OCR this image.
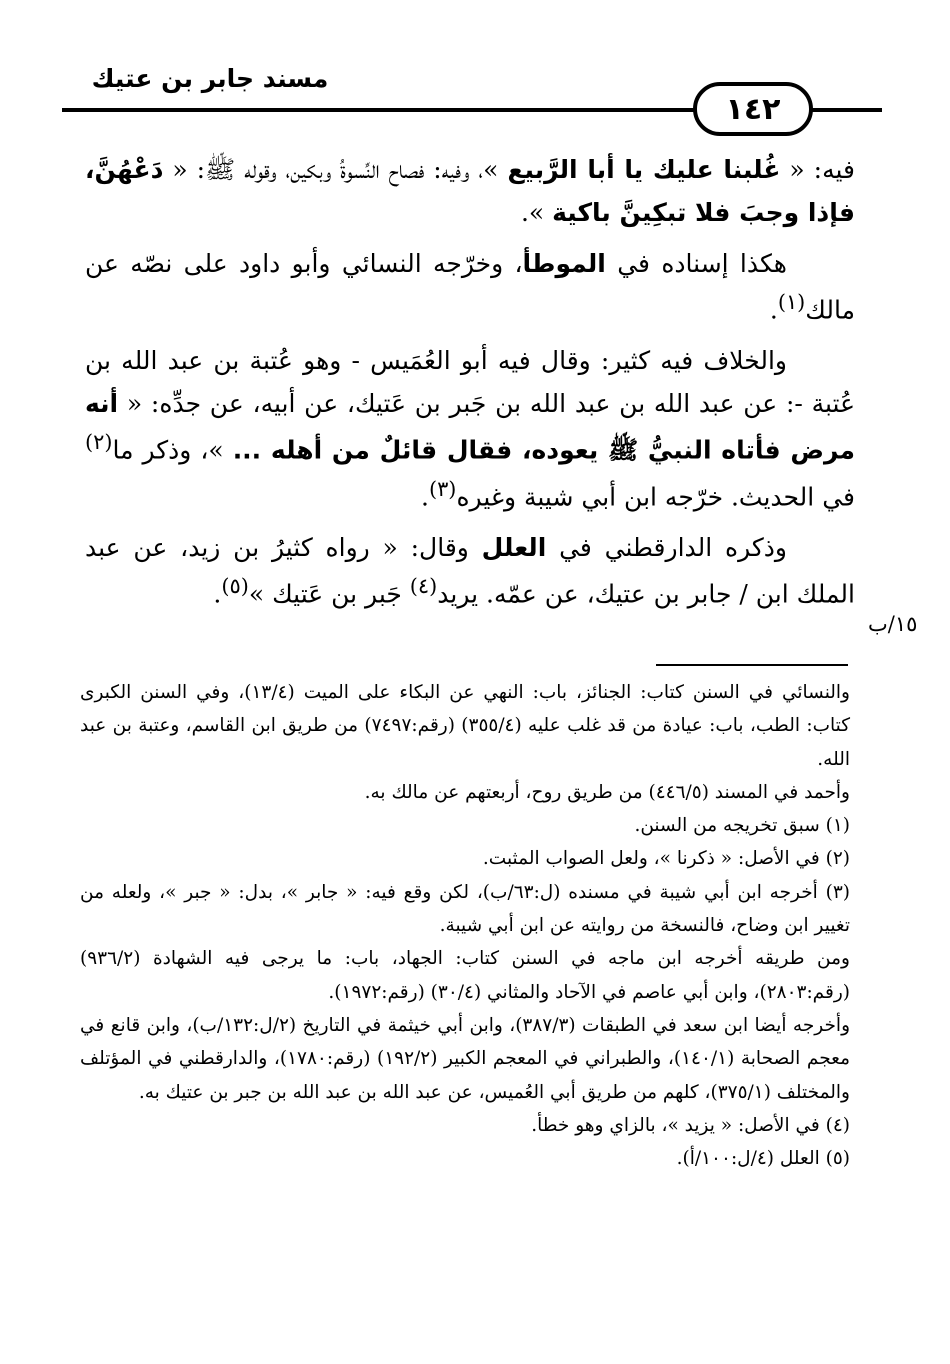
مسند جابر بن عتيك
١٤٢

فيه: « غُلبنا عليك يا أبا الرَّبيع »، وفيه: فصاح النِّسوةُ وبكين، وقوله ﷺ: « دَعْهُنَّ، فإذا وجبَ فلا تبكِينَّ باكية ».

هكذا إسناده في الموطأ، وخرّجه النسائي وأبو داود على نصّه عن مالك$^{(١)}$.

والخلاف فيه كثير: وقال فيه أبو العُمَيس - وهو عُتبة بن عبد الله بن عُتبة -: عن عبد الله بن عبد الله بن جَبر بن عَتيك، عن أبيه، عن جدِّه: « أنه مرض فأتاه النبيُّ ﷺ يعوده، فقال قائلٌ من أهله ... »، وذكر ما$^{(٢)}$ في الحديث. خرّجه ابن أبي شيبة وغيره$^{(٣)}$.

وذكره الدارقطني في العلل وقال: « رواه كثيرُ بن زيد، عن عبد الملك ابن / جابر بن عتيك، عن عمّه. يريد$^{(٤)}$ جَبر بن عَتيك »$^{(٥)}$.

١٥/ب

والنسائي في السنن كتاب: الجنائز، باب: النهي عن البكاء على الميت (١٣/٤)، وفي السنن الكبرى كتاب: الطب، باب: عيادة من قد غلب عليه (٣٥٥/٤) (رقم:٧٤٩٧) من طريق ابن القاسم، وعتبة بن عبد الله.

وأحمد في المسند (٤٤٦/٥) من طريق روح، أربعتهم عن مالك به.

(١) سبق تخريجه من السنن.

(٢) في الأصل: « ذكرنا »، ولعل الصواب المثبت.

(٣) أخرجه ابن أبي شيبة في مسنده (ل:٦٣/ب)، لكن وقع فيه: « جابر »، بدل: « جبر »، ولعله من تغيير ابن وضاح، فالنسخة من روايته عن ابن أبي شيبة.

ومن طريقه أخرجه ابن ماجه في السنن كتاب: الجهاد، باب: ما يرجى فيه الشهادة (٩٣٦/٢) (رقم:٢٨٠٣)، وابن أبي عاصم في الآحاد والمثاني (٣٠/٤) (رقم:١٩٧٢).

وأخرجه أيضا ابن سعد في الطبقات (٣٨٧/٣)، وابن أبي خيثمة في التاريخ (٢/ل:١٣٢/ب)، وابن قانع في معجم الصحابة (١٤٠/١)، والطبراني في المعجم الكبير (١٩٢/٢) (رقم:١٧٨٠)، والدارقطني في المؤتلف والمختلف (٣٧٥/١)، كلهم من طريق أبي العُميس، عن عبد الله بن عبد الله بن جبر بن عتيك به.

(٤) في الأصل: « يزيد »، بالزاي وهو خطأ.

(٥) العلل (٤/ل:١٠٠/أ).
